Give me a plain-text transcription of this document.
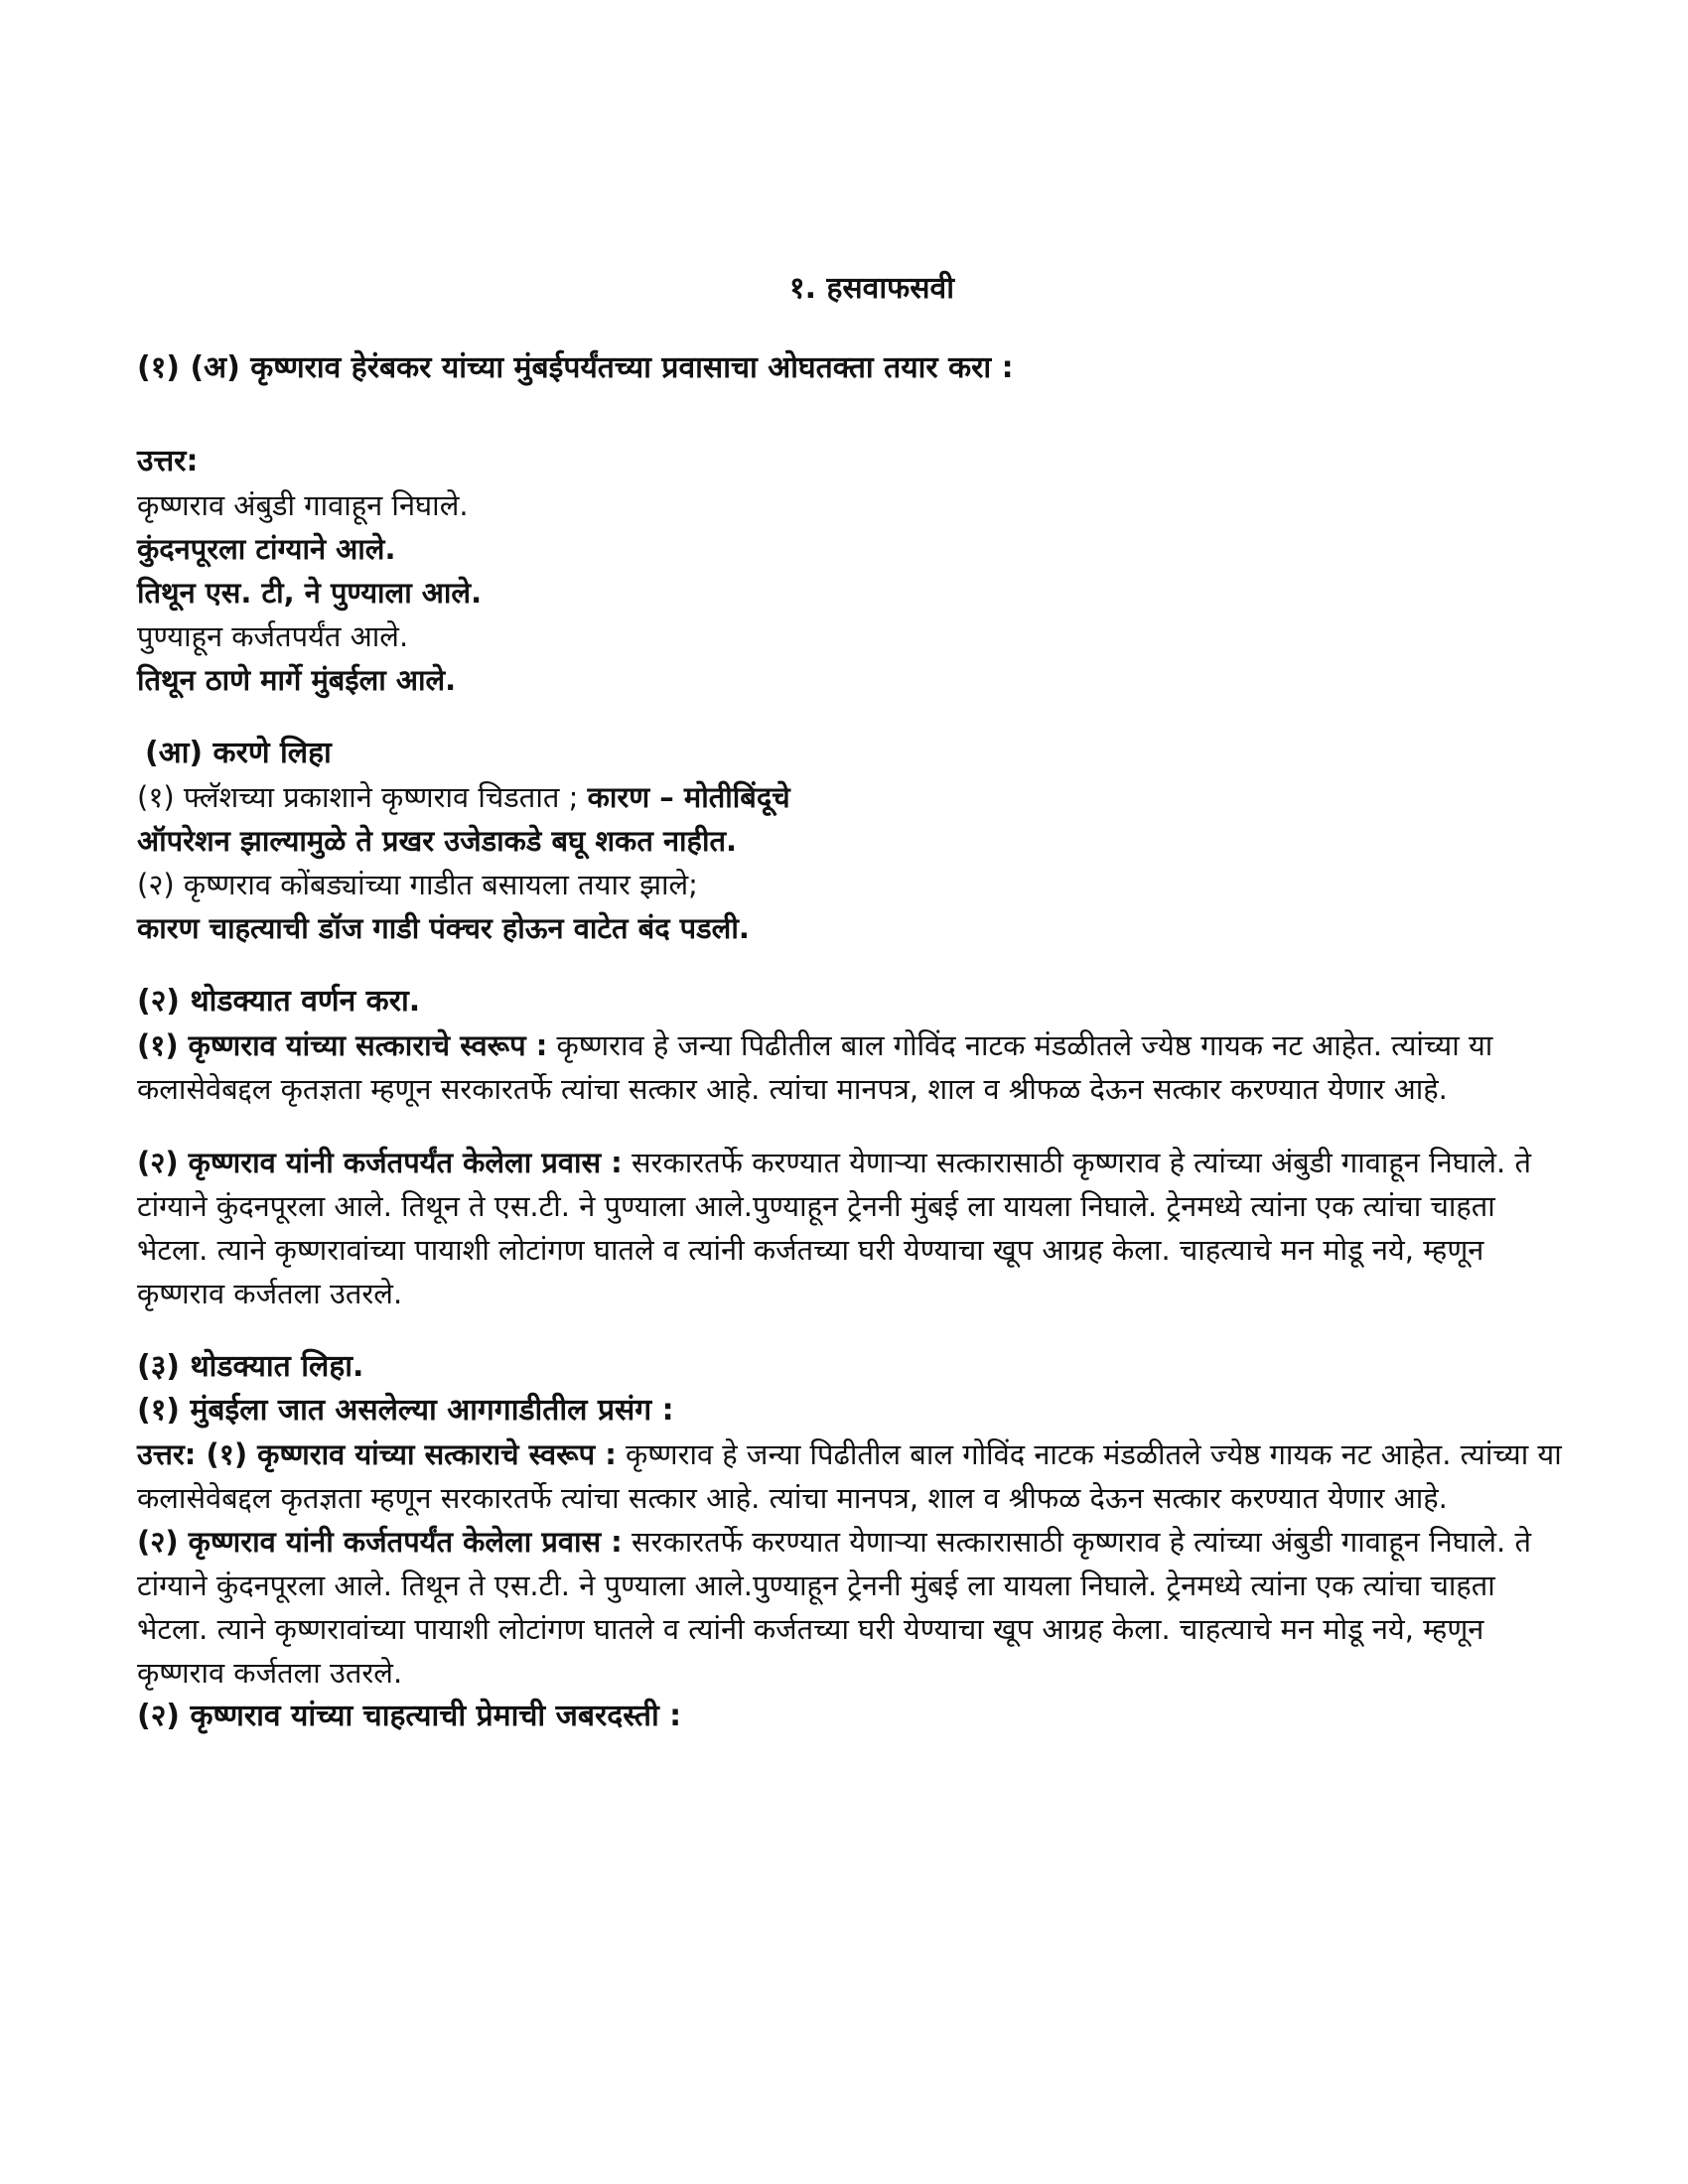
१. हसवाफसवी

(१) (अ) कृष्णराव हेरंबकर यांच्या मुंबईपर्यंतच्या प्रवासाचा ओघतक्ता तयार करा :

उत्तर:

कृष्णराव अंबुडी गावाहून निघाले.

कुंदनपूरला टांग्याने आले.

तिथून एस. टी, ने पुण्याला आले.

पुण्याहून कर्जतपर्यंत आले.

तिथून ठाणे मार्गे मुंबईला आले.

(आ) करणे लिहा

(१) फ्लॅशच्या प्रकाशाने कृष्णराव चिडतात ; कारण – मोतीबिंदूचे

ऑपरेशन झाल्यामुळे ते प्रखर उजेडाकडे बघू शकत नाहीत.

(२) कृष्णराव कोंबड्यांच्या गाडीत बसायला तयार झाले;

कारण चाहत्याची डॉज गाडी पंक्चर होऊन वाटेत बंद पडली.

(२) थोडक्यात वर्णन करा.

(१) कृष्णराव यांच्या सत्काराचे स्वरूप : कृष्णराव हे जन्या पिढीतील बाल गोविंद नाटक मंडळीतले ज्येष्ठ गायक नट आहेत. त्यांच्या या कलासेवेबद्दल कृतज्ञता म्हणून सरकारतर्फे त्यांचा सत्कार आहे. त्यांचा मानपत्र, शाल व श्रीफळ देऊन सत्कार करण्यात येणार आहे.

(२) कृष्णराव यांनी कर्जतपर्यंत केलेला प्रवास : सरकारतर्फे करण्यात येणाऱ्या सत्कारासाठी कृष्णराव हे त्यांच्या अंबुडी गावाहून निघाले. ते टांग्याने कुंदनपूरला आले. तिथून ते एस.टी. ने पुण्याला आले.पुण्याहून ट्रेननी मुंबई ला यायला निघाले. ट्रेनमध्ये त्यांना एक त्यांचा चाहता भेटला. त्याने कृष्णरावांच्या पायाशी लोटांगण घातले व त्यांनी कर्जतच्या घरी येण्याचा खूप आग्रह केला. चाहत्याचे मन मोडू नये, म्हणून कृष्णराव कर्जतला उतरले.

(३) थोडक्यात लिहा.

(१) मुंबईला जात असलेल्या आगगाडीतील प्रसंग :

उत्तर: (१) कृष्णराव यांच्या सत्काराचे स्वरूप : कृष्णराव हे जन्या पिढीतील बाल गोविंद नाटक मंडळीतले ज्येष्ठ गायक नट आहेत. त्यांच्या या कलासेवेबद्दल कृतज्ञता म्हणून सरकारतर्फे त्यांचा सत्कार आहे. त्यांचा मानपत्र, शाल व श्रीफळ देऊन सत्कार करण्यात येणार आहे.

(२) कृष्णराव यांनी कर्जतपर्यंत केलेला प्रवास : सरकारतर्फे करण्यात येणाऱ्या सत्कारासाठी कृष्णराव हे त्यांच्या अंबुडी गावाहून निघाले. ते टांग्याने कुंदनपूरला आले. तिथून ते एस.टी. ने पुण्याला आले.पुण्याहून ट्रेननी मुंबई ला यायला निघाले. ट्रेनमध्ये त्यांना एक त्यांचा चाहता भेटला. त्याने कृष्णरावांच्या पायाशी लोटांगण घातले व त्यांनी कर्जतच्या घरी येण्याचा खूप आग्रह केला. चाहत्याचे मन मोडू नये, म्हणून कृष्णराव कर्जतला उतरले.

(२) कृष्णराव यांच्या चाहत्याची प्रेमाची जबरदस्ती :
